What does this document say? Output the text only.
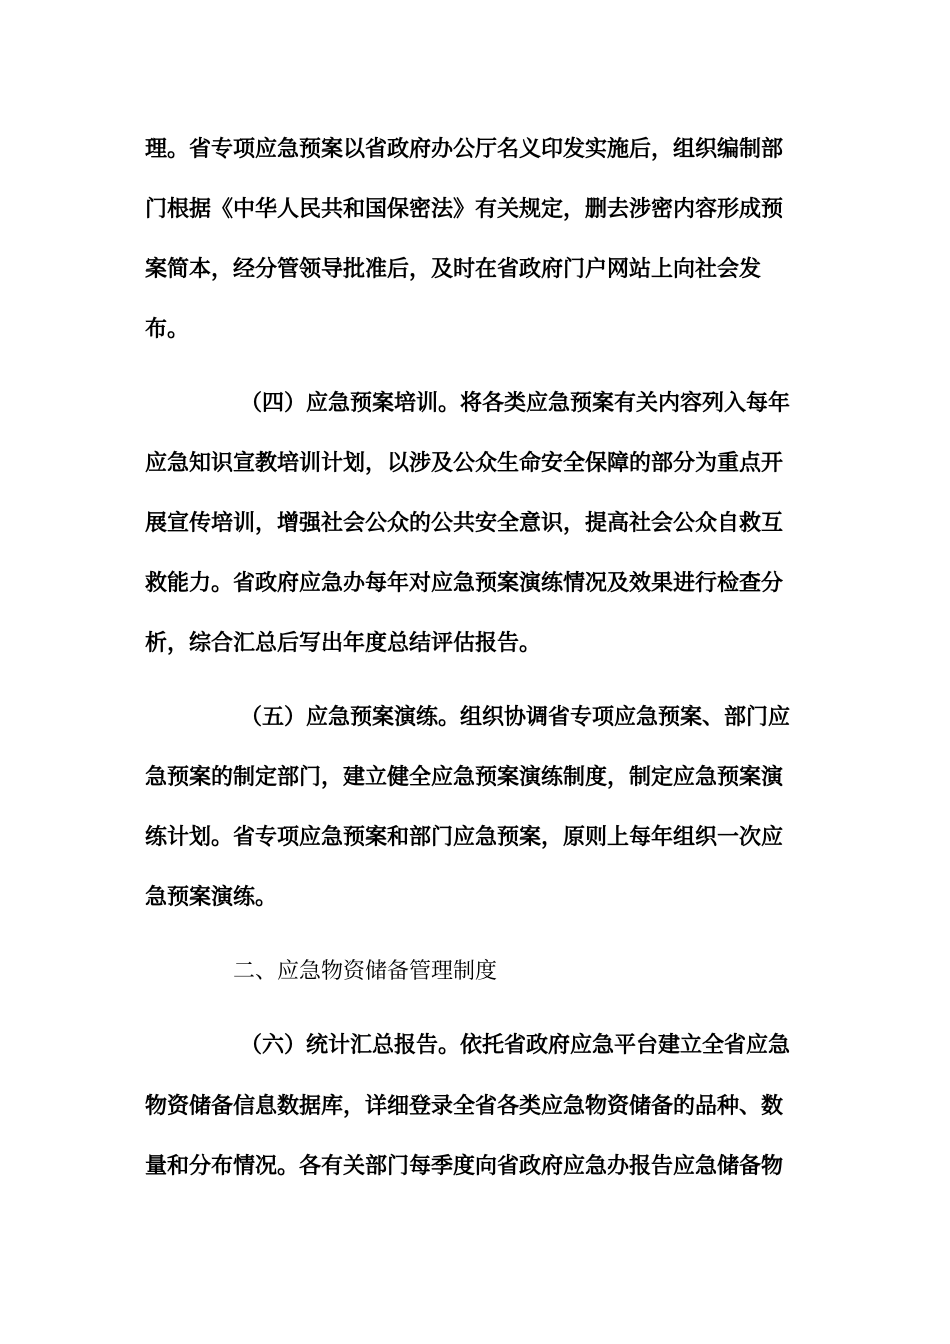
理。省专项应急预案以省政府办公厅名义印发实施后，组织编制部
门根据《中华人民共和国保密法》有关规定，删去涉密内容形成预
案简本，经分管领导批准后，及时在省政府门户网站上向社会发
布。
（四）应急预案培训。将各类应急预案有关内容列入每年
应急知识宣教培训计划，以涉及公众生命安全保障的部分为重点开
展宣传培训，增强社会公众的公共安全意识，提高社会公众自救互
救能力。省政府应急办每年对应急预案演练情况及效果进行检查分
析，综合汇总后写出年度总结评估报告。
（五）应急预案演练。组织协调省专项应急预案、部门应
急预案的制定部门，建立健全应急预案演练制度，制定应急预案演
练计划。省专项应急预案和部门应急预案，原则上每年组织一次应
急预案演练。
二、应急物资储备管理制度
（六）统计汇总报告。依托省政府应急平台建立全省应急
物资储备信息数据库，详细登录全省各类应急物资储备的品种、数
量和分布情况。各有关部门每季度向省政府应急办报告应急储备物
